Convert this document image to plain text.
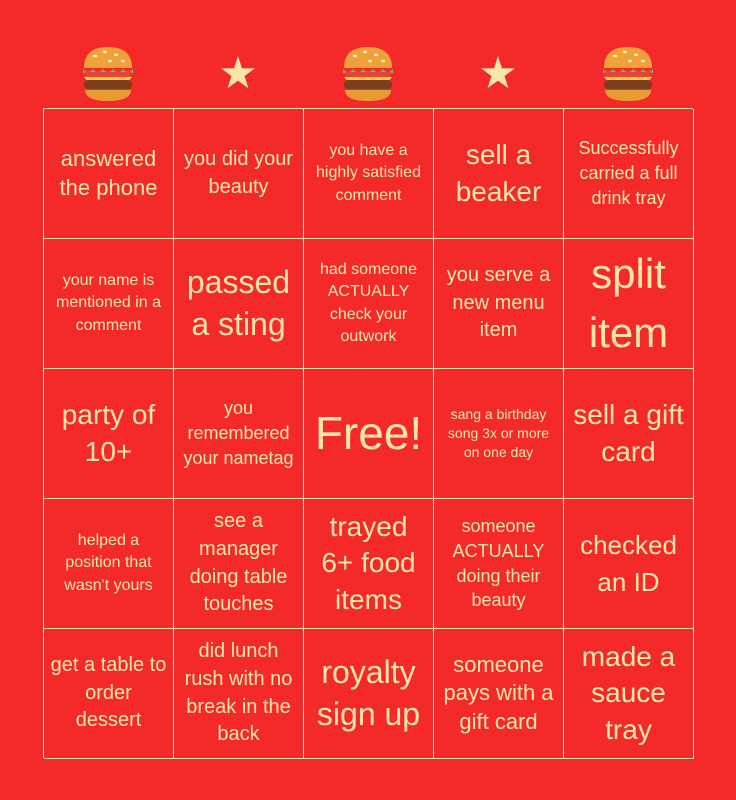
★	★
answered the phone
you did your beauty
you have a highly satisfied comment
sell a beaker
Successfully carried a full drink tray
your name is mentioned in a comment
passed a sting
had someone ACTUALLY check your outwork
you serve a new menu item
split item
party of 10+
you remembered your nametag Free!	sang a birthday song 3x or more on one day
sell a gift card
helped a position that wasn't yours
see a manager doing table touches
trayed 6+ food items
someone ACTUALLY doing their beauty
checked an ID
get a table to order dessert
did lunch rush with no break in the back
royalty sign up
someone pays with a gift card
made a sauce tray
